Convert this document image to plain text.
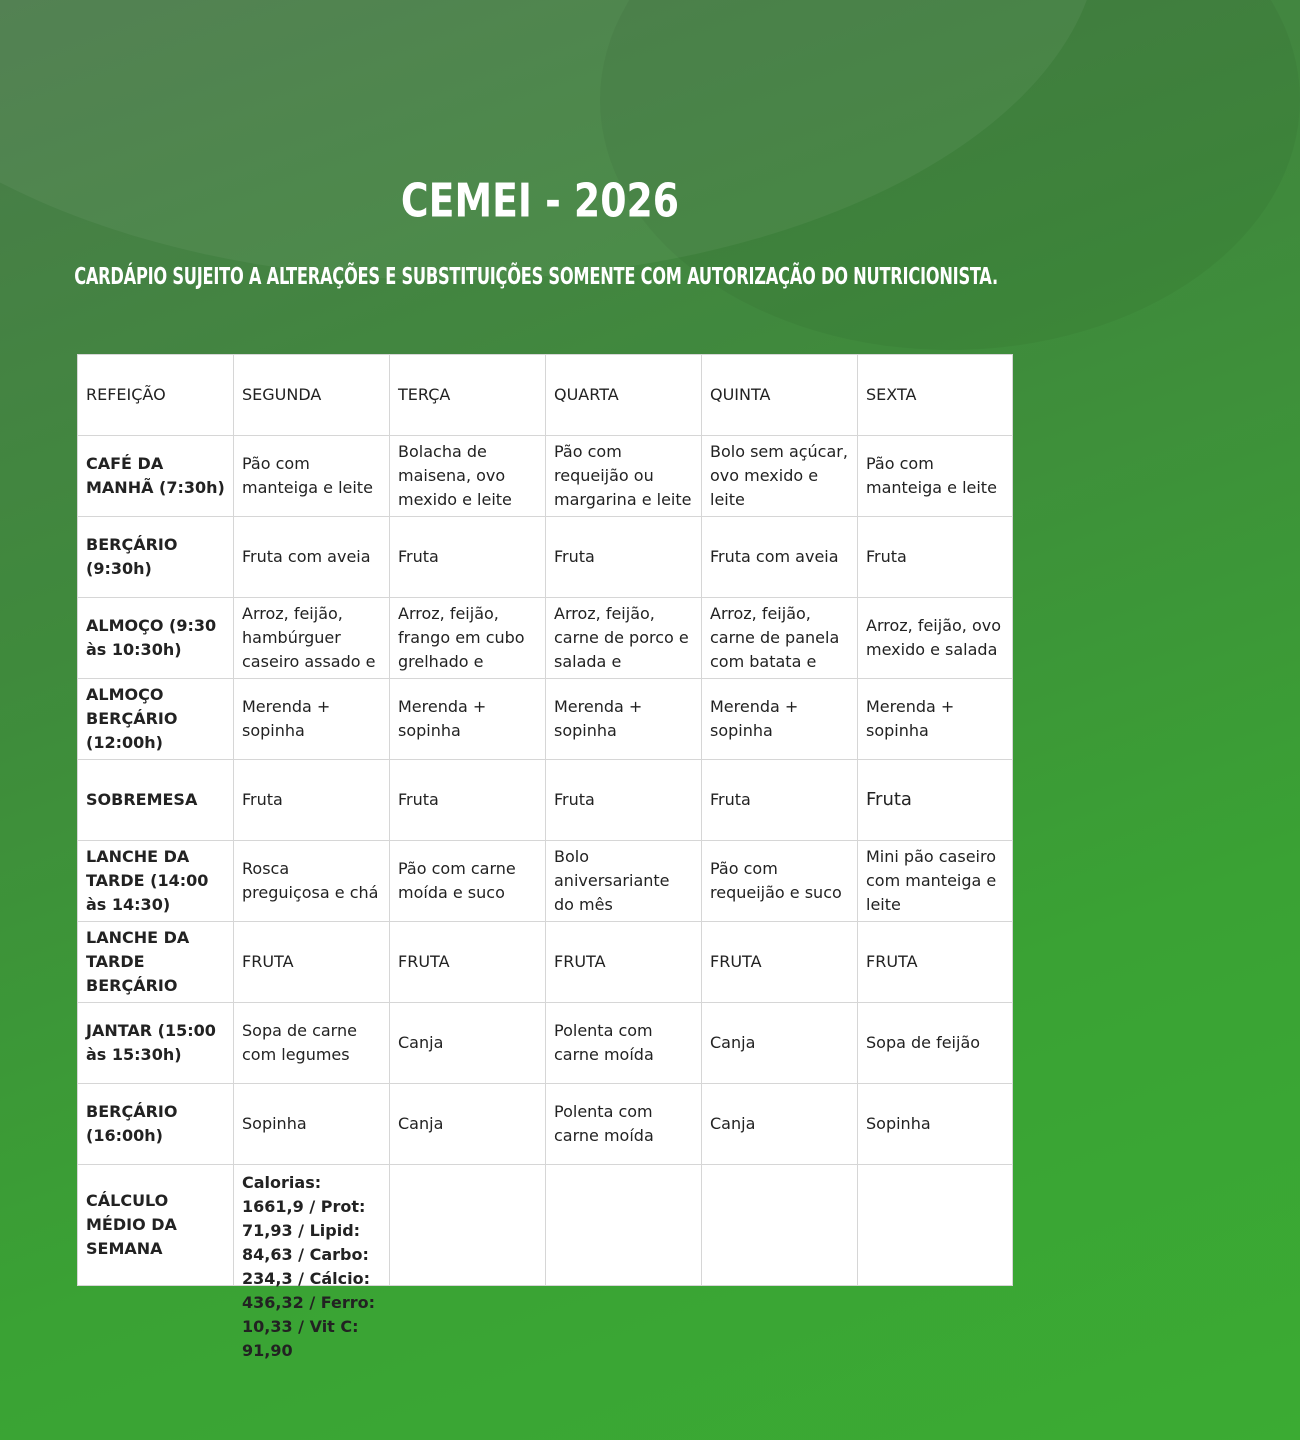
CEMEI - 2026
CARDÁPIO SUJEITO A ALTERAÇÕES E SUBSTITUIÇÕES SOMENTE COM AUTORIZAÇÃO DO NUTRICIONISTA.
REFEIÇÃO	SEGUNDA	TERÇA	QUARTA	QUINTA	SEXTA
CAFÉ DA MANHÃ (7:30h)	Pão com manteiga e leite	Bolacha de maisena, ovo mexido e leite	Pão com requeijão ou margarina e leite	Bolo sem açúcar, ovo mexido e leite	Pão com manteiga e leite
BERÇÁRIO (9:30h)	Fruta com aveia	Fruta	Fruta	Fruta com aveia	Fruta
ALMOÇO (9:30 às 10:30h)	Arroz, feijão, hambúrguer caseiro assado e	Arroz, feijão, frango em cubo grelhado e	Arroz, feijão, carne de porco e salada e	Arroz, feijão, carne de panela com batata e	Arroz, feijão, ovo mexido e salada

ALMOÇO BERÇÁRIO (12:00h)	Merenda + sopinha	Merenda + sopinha	Merenda + sopinha	Merenda + sopinha	Merenda + sopinha
SOBREMESA	Fruta	Fruta	Fruta	Fruta	Fruta
LANCHE DA TARDE (14:00 às 14:30)	Rosca preguiçosa e chá	Pão com carne moída e suco	Bolo aniversariante do mês	Pão com requeijão e suco	Mini pão caseiro com manteiga e leite
LANCHE DA TARDE BERÇÁRIO	FRUTA	FRUTA	FRUTA	FRUTA	FRUTA
JANTAR (15:00 às 15:30h)	Sopa de carne com legumes	Canja	Polenta com carne moída	Canja	Sopa de feijão
BERÇÁRIO (16:00h)	Sopinha	Canja	Polenta com carne moída	Canja	Sopinha
CÁLCULO MÉDIO DA SEMANA	Calorias: 1661,9 / Prot: 71,93 / Lipid: 84,63 / Carbo: 234,3 / Cálcio: 436,32 / Ferro: 10,33 / Vit C: 91,90				
